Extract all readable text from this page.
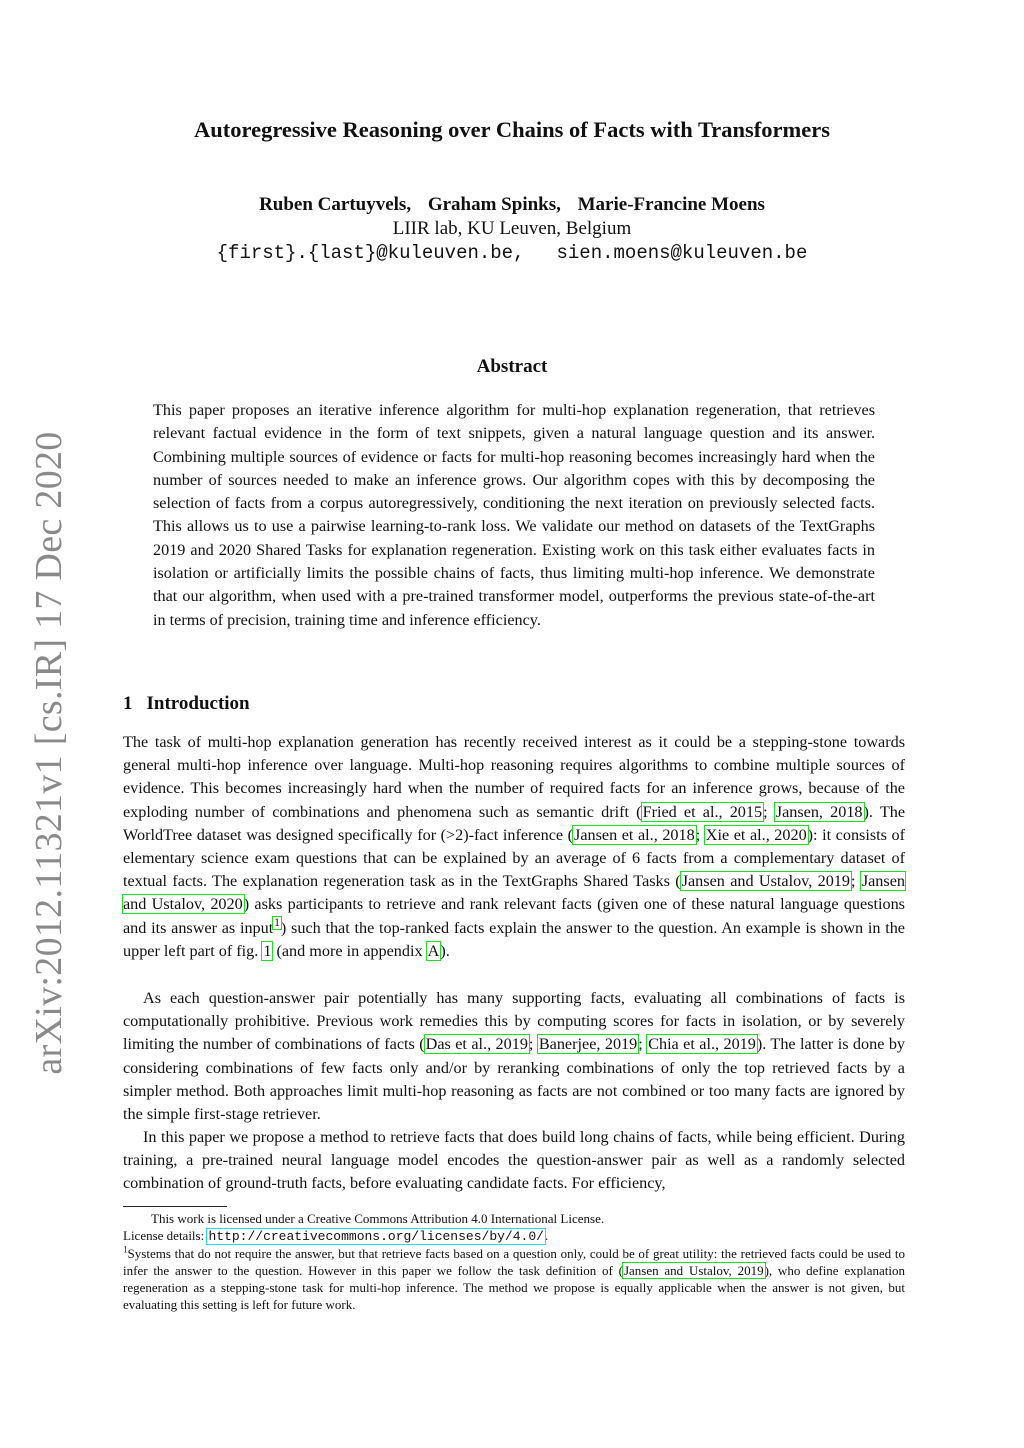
arXiv:2012.11321v1 [cs.IR] 17 Dec 2020
Autoregressive Reasoning over Chains of Facts with Transformers
Ruben Cartuyvels, Graham Spinks, Marie-Francine Moens
LIIR lab, KU Leuven, Belgium
{first}.{last}@kuleuven.be, sien.moens@kuleuven.be
Abstract
This paper proposes an iterative inference algorithm for multi-hop explanation regeneration, that retrieves relevant factual evidence in the form of text snippets, given a natural language question and its answer. Combining multiple sources of evidence or facts for multi-hop reasoning becomes increasingly hard when the number of sources needed to make an inference grows. Our algorithm copes with this by decomposing the selection of facts from a corpus autoregressively, conditioning the next iteration on previously selected facts. This allows us to use a pairwise learning-to-rank loss. We validate our method on datasets of the TextGraphs 2019 and 2020 Shared Tasks for explanation regeneration. Existing work on this task either evaluates facts in isolation or artificially limits the possible chains of facts, thus limiting multi-hop inference. We demonstrate that our algorithm, when used with a pre-trained transformer model, outperforms the previous state-of-the-art in terms of precision, training time and inference efficiency.
1 Introduction
The task of multi-hop explanation generation has recently received interest as it could be a stepping-stone towards general multi-hop inference over language. Multi-hop reasoning requires algorithms to combine multiple sources of evidence. This becomes increasingly hard when the number of required facts for an inference grows, because of the exploding number of combinations and phenomena such as semantic drift (Fried et al., 2015; Jansen, 2018). The WorldTree dataset was designed specifically for (>2)-fact inference (Jansen et al., 2018; Xie et al., 2020): it consists of elementary science exam questions that can be explained by an average of 6 facts from a complementary dataset of textual facts. The explanation regeneration task as in the TextGraphs Shared Tasks (Jansen and Ustalov, 2019; Jansen and Ustalov, 2020) asks participants to retrieve and rank relevant facts (given one of these natural language questions and its answer as input$^1$) such that the top-ranked facts explain the answer to the question. An example is shown in the upper left part of fig. 1 (and more in appendix A).
As each question-answer pair potentially has many supporting facts, evaluating all combinations of facts is computationally prohibitive. Previous work remedies this by computing scores for facts in isolation, or by severely limiting the number of combinations of facts (Das et al., 2019; Banerjee, 2019; Chia et al., 2019). The latter is done by considering combinations of few facts only and/or by reranking combinations of only the top retrieved facts by a simpler method. Both approaches limit multi-hop reasoning as facts are not combined or too many facts are ignored by the simple first-stage retriever.
In this paper we propose a method to retrieve facts that does build long chains of facts, while being efficient. During training, a pre-trained neural language model encodes the question-answer pair as well as a randomly selected combination of ground-truth facts, before evaluating candidate facts. For efficiency,
This work is licensed under a Creative Commons Attribution 4.0 International License.
License details: http://creativecommons.org/licenses/by/4.0/.
$^1$Systems that do not require the answer, but that retrieve facts based on a question only, could be of great utility: the retrieved facts could be used to infer the answer to the question. However in this paper we follow the task definition of (Jansen and Ustalov, 2019), who define explanation regeneration as a stepping-stone task for multi-hop inference. The method we propose is equally applicable when the answer is not given, but evaluating this setting is left for future work.
